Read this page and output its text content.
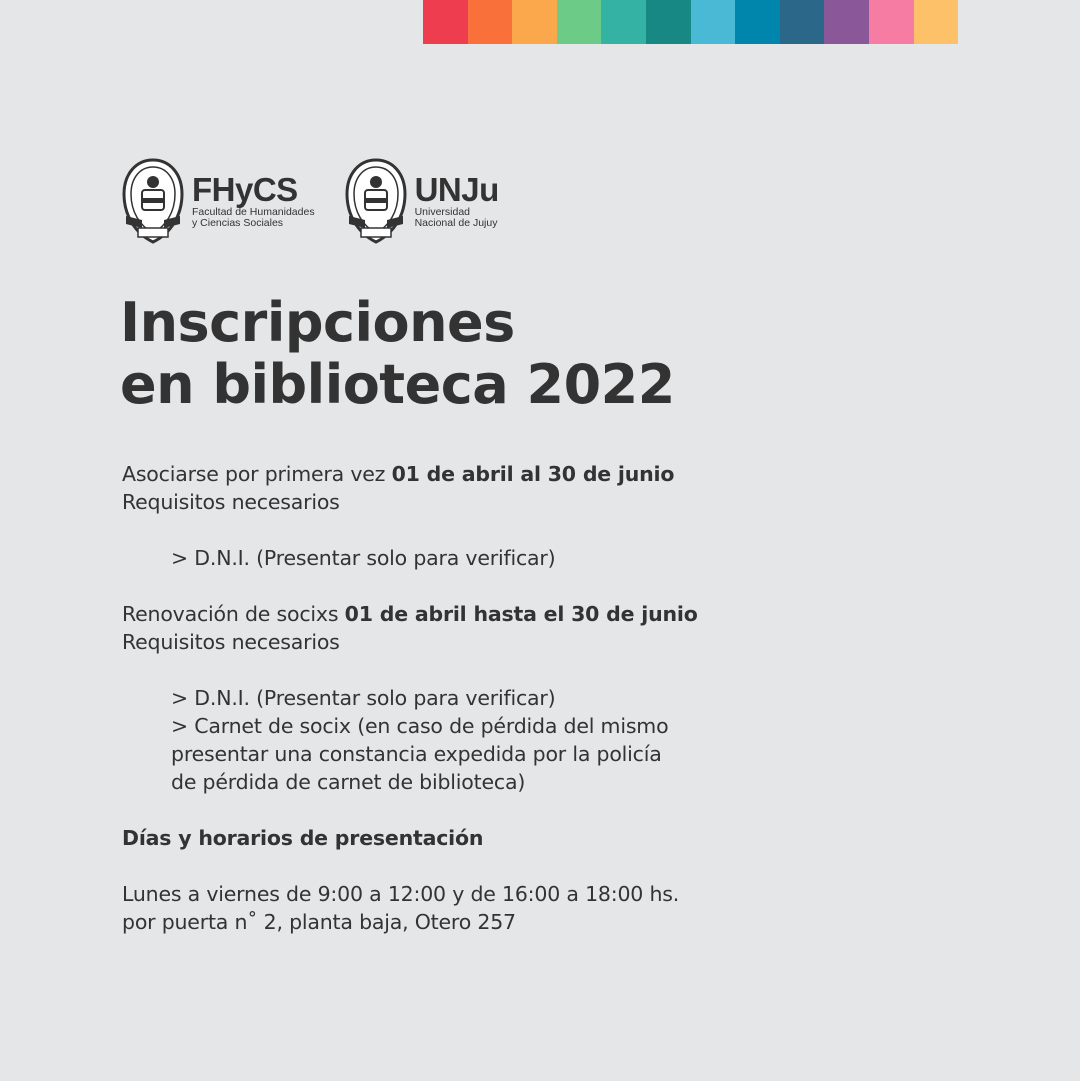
FHyCS
Facultad de Humanidades
y Ciencias Sociales
UNJu
Universidad
Nacional de Jujuy
Inscripciones
en biblioteca 2022

Asociarse por primera vez 01 de abril al 30 de junio

Requisitos necesarios

> D.N.I. (Presentar solo para verificar)

Renovación de socixs 01 de abril hasta el 30 de junio

Requisitos necesarios

> D.N.I. (Presentar solo para verificar)

> Carnet de socix (en caso de pérdida del mismo

presentar una constancia expedida por la policía

de pérdida de carnet de biblioteca)

Días y horarios de presentación

Lunes a viernes de 9:00 a 12:00 y de 16:00 a 18:00 hs.

por puerta n˚ 2, planta baja, Otero 257
